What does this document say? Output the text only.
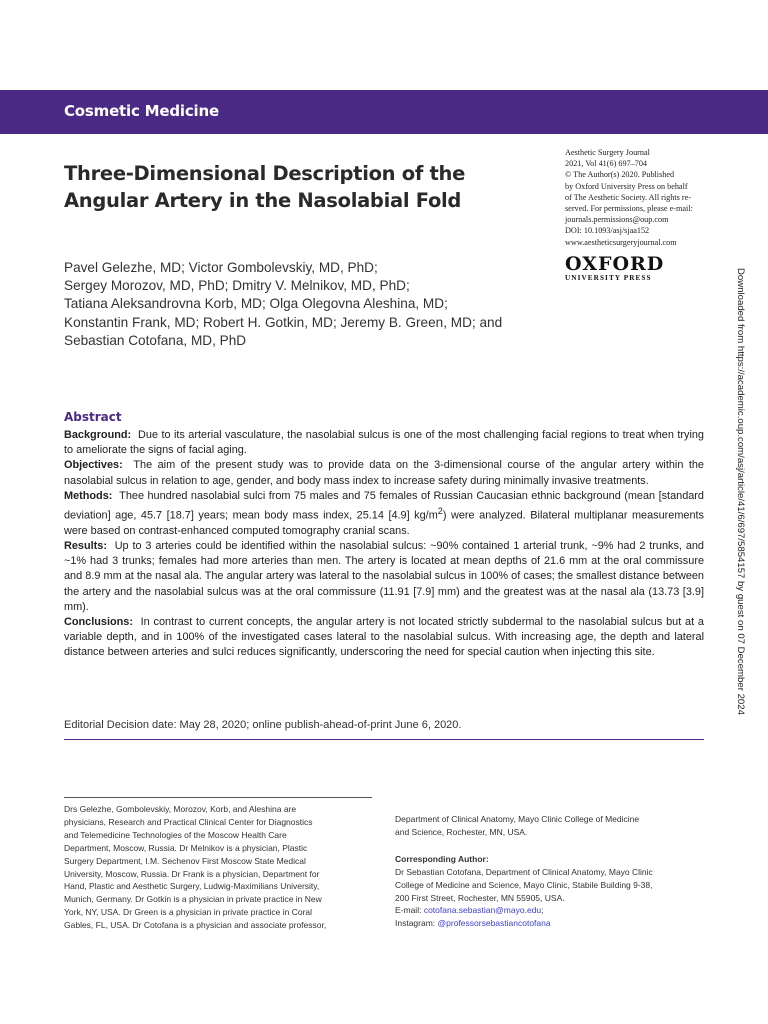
Cosmetic Medicine
Three-Dimensional Description of the Angular Artery in the Nasolabial Fold
Aesthetic Surgery Journal
2021, Vol 41(6) 697–704
© The Author(s) 2020. Published
by Oxford University Press on behalf
of The Aesthetic Society. All rights re-
served. For permissions, please e-mail:
journals.permissions@oup.com
DOI: 10.1093/asj/sjaa152
www.aestheticsurgeryjournal.com
OXFORD
UNIVERSITY PRESS
Pavel Gelezhe, MD; Victor Gombolevskiy, MD, PhD;
Sergey Morozov, MD, PhD; Dmitry V. Melnikov, MD, PhD;
Tatiana Aleksandrovna Korb, MD; Olga Olegovna Aleshina, MD;
Konstantin Frank, MD; Robert H. Gotkin, MD; Jeremy B. Green, MD; and
Sebastian Cotofana, MD, PhD
Abstract

Background: Due to its arterial vasculature, the nasolabial sulcus is one of the most challenging facial regions to treat when trying to ameliorate the signs of facial aging.

Objectives: The aim of the present study was to provide data on the 3-dimensional course of the angular artery within the nasolabial sulcus in relation to age, gender, and body mass index to increase safety during minimally invasive treatments.

Methods: Thee hundred nasolabial sulci from 75 males and 75 females of Russian Caucasian ethnic background (mean [standard deviation] age, 45.7 [18.7] years; mean body mass index, 25.14 [4.9] $kg/m^2$) were analyzed. Bilateral multiplanar measurements were based on contrast-enhanced computed tomography cranial scans.

Results: Up to 3 arteries could be identified within the nasolabial sulcus: ~90% contained 1 arterial trunk, ~9% had 2 trunks, and ~1% had 3 trunks; females had more arteries than men. The artery is located at mean depths of 21.6 mm at the oral commissure and 8.9 mm at the nasal ala. The angular artery was lateral to the nasolabial sulcus in 100% of cases; the smallest distance between the artery and the nasolabial sulcus was at the oral commissure (11.91 [7.9] mm) and the greatest was at the nasal ala (13.73 [3.9] mm).

Conclusions: In contrast to current concepts, the angular artery is not located strictly subdermal to the nasolabial sulcus but at a variable depth, and in 100% of the investigated cases lateral to the nasolabial sulcus. With increasing age, the depth and lateral distance between arteries and sulci reduces significantly, underscoring the need for special caution when injecting this site.

Editorial Decision date: May 28, 2020; online publish-ahead-of-print June 6, 2020.
Drs Gelezhe, Gombolevskiy, Morozov, Korb, and Aleshina are
physicians, Research and Practical Clinical Center for Diagnostics
and Telemedicine Technologies of the Moscow Health Care
Department, Moscow, Russia. Dr Melnikov is a physician, Plastic
Surgery Department, I.M. Sechenov First Moscow State Medical
University, Moscow, Russia. Dr Frank is a physician, Department for
Hand, Plastic and Aesthetic Surgery, Ludwig-Maximilians University,
Munich, Germany. Dr Gotkin is a physician in private practice in New
York, NY, USA. Dr Green is a physician in private practice in Coral
Gables, FL, USA. Dr Cotofana is a physician and associate professor,
Department of Clinical Anatomy, Mayo Clinic College of Medicine
and Science, Rochester, MN, USA.
Corresponding Author:
Dr Sebastian Cotofana, Department of Clinical Anatomy, Mayo Clinic
College of Medicine and Science, Mayo Clinic, Stabile Building 9-38,
200 First Street, Rochester, MN 55905, USA.
E-mail: cotofana.sebastian@mayo.edu;
Instagram: @professorsebastiancotofana
Downloaded from https://academic.oup.com/asj/article/41/6/697/5854157 by guest on 07 December 2024
